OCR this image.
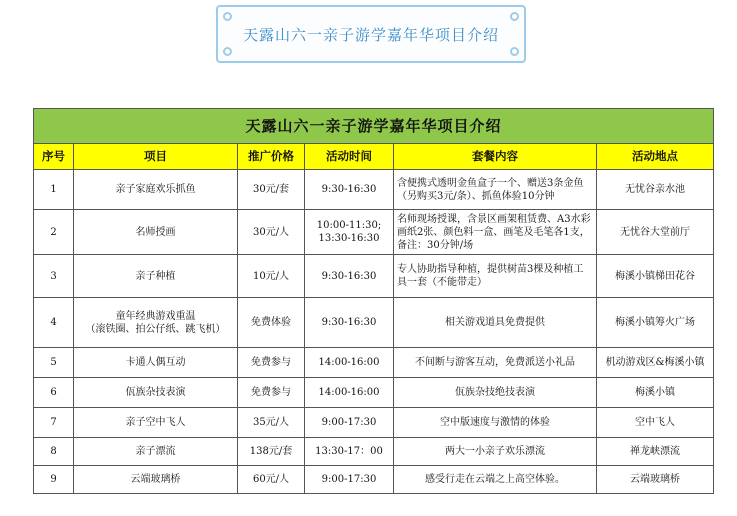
天露山六一亲子游学嘉年华项目介绍
天露山六一亲子游学嘉年华项目介绍					
序号	项目	推广价格	活动时间	套餐内容	活动地点
1	亲子家庭欢乐抓鱼	30元/套	9:30-16:30	含便携式透明金鱼盒子一个、赠送3条金鱼（另购买3元/条）、抓鱼体验10分钟	无忧谷亲水池
2	名师授画	30元/人	10:00-11:30;
13:30-16:30	名师现场授课，含景区画架租赁费、A3水彩画纸2张、颜色料一盒、画笔及毛笔各1支，备注：30分钟/场	无忧谷大堂前厅
3	亲子种植	10元/人	9:30-16:30	专人协助指导种植，提供树苗3棵及种植工具一套（不能带走）	梅溪小镇梯田花谷
4	童年经典游戏重温
（滚铁圈、拍公仔纸、跳飞机）	免费体验	9:30-16:30	相关游戏道具免费提供	梅溪小镇筹火广场
5	卡通人偶互动	免费参与	14:00-16:00	不间断与游客互动，免费派送小礼品	机动游戏区&梅溪小镇
6	佤族杂技表演	免费参与	14:00-16:00	佤族杂技绝技表演	梅溪小镇
7	亲子空中飞人	35元/人	9:00-17:30	空中版速度与激情的体验	空中飞人
8	亲子漂流	138元/套	13:30-17：00	两大一小亲子欢乐漂流	禅龙峡漂流
9	云端玻璃桥	60元/人	9:00-17:30	感受行走在云端之上高空体验。	云端玻璃桥
